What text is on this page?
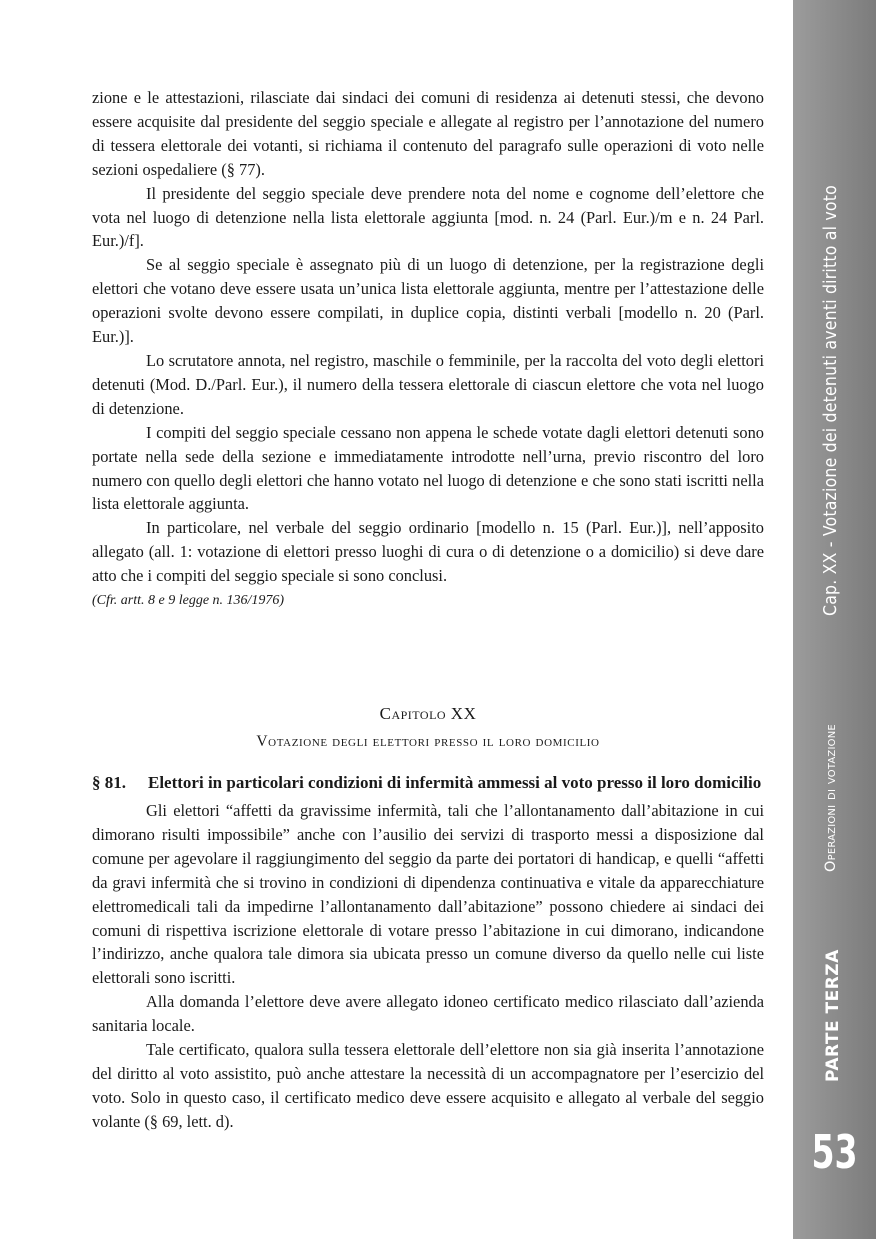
zione e le attestazioni, rilasciate dai sindaci dei comuni di residenza ai detenuti stessi, che devono essere acquisite dal presidente del seggio speciale e allegate al registro per l’annotazione del numero di tessera elettorale dei votanti, si richiama il contenuto del paragrafo sulle operazioni di voto nelle sezioni ospedaliere (§ 77).

Il presidente del seggio speciale deve prendere nota del nome e cognome dell’elettore che vota nel luogo di detenzione nella lista elettorale aggiunta [mod. n. 24 (Parl. Eur.)/m e n. 24 Parl. Eur.)/f].

Se al seggio speciale è assegnato più di un luogo di detenzione, per la registrazione degli elettori che votano deve essere usata un’unica lista elettorale aggiunta, mentre per l’attestazione delle operazioni svolte devono essere compilati, in duplice copia, distinti verbali [modello n. 20 (Parl. Eur.)].

Lo scrutatore annota, nel registro, maschile o femminile, per la raccolta del voto degli elettori detenuti (Mod. D./Parl. Eur.), il numero della tessera elettorale di ciascun elettore che vota nel luogo di detenzione.

I compiti del seggio speciale cessano non appena le schede votate dagli elettori detenuti sono portate nella sede della sezione e immediatamente introdotte nell’urna, previo riscontro del loro numero con quello degli elettori che hanno votato nel luogo di detenzione e che sono stati iscritti nella lista elettorale aggiunta.

In particolare, nel verbale del seggio ordinario [modello n. 15 (Parl. Eur.)], nell’apposito allegato (all. 1: votazione di elettori presso luoghi di cura o di detenzione o a domicilio) si deve dare atto che i compiti del seggio speciale si sono conclusi.

(Cfr. artt. 8 e 9 legge n. 136/1976)

Capitolo XX
Votazione degli elettori presso il loro domicilio

§ 81.	Elettori in particolari condizioni di infermità ammessi al voto presso il loro domicilio

Gli elettori “affetti da gravissime infermità, tali che l’allontanamento dall’abitazione in cui dimorano risulti impossibile” anche con l’ausilio dei servizi di trasporto messi a disposizione dal comune per agevolare il raggiungimento del seggio da parte dei portatori di handicap, e quelli “affetti da gravi infermità che si trovino in condizioni di dipendenza continuativa e vitale da apparecchiature elettromedicali tali da impedirne l’allontanamento dall’abitazione” possono chiedere ai sindaci dei comuni di rispettiva iscrizione elettorale di votare presso l’abitazione in cui dimorano, indicandone l’indirizzo, anche qualora tale dimora sia ubicata presso un comune diverso da quello nelle cui liste elettorali sono iscritti.

Alla domanda l’elettore deve avere allegato idoneo certificato medico rilasciato dall’azienda sanitaria locale.

Tale certificato, qualora sulla tessera elettorale dell’elettore non sia già inserita l’annotazione del diritto al voto assistito, può anche attestare la necessità di un accompagnatore per l’esercizio del voto. Solo in questo caso, il certificato medico deve essere acquisito e allegato al verbale del seggio volante (§ 69, lett. d).

Cap. XX - Votazione dei detenuti aventi diritto al voto
Operazioni di votazione
PARTE TERZA
53
